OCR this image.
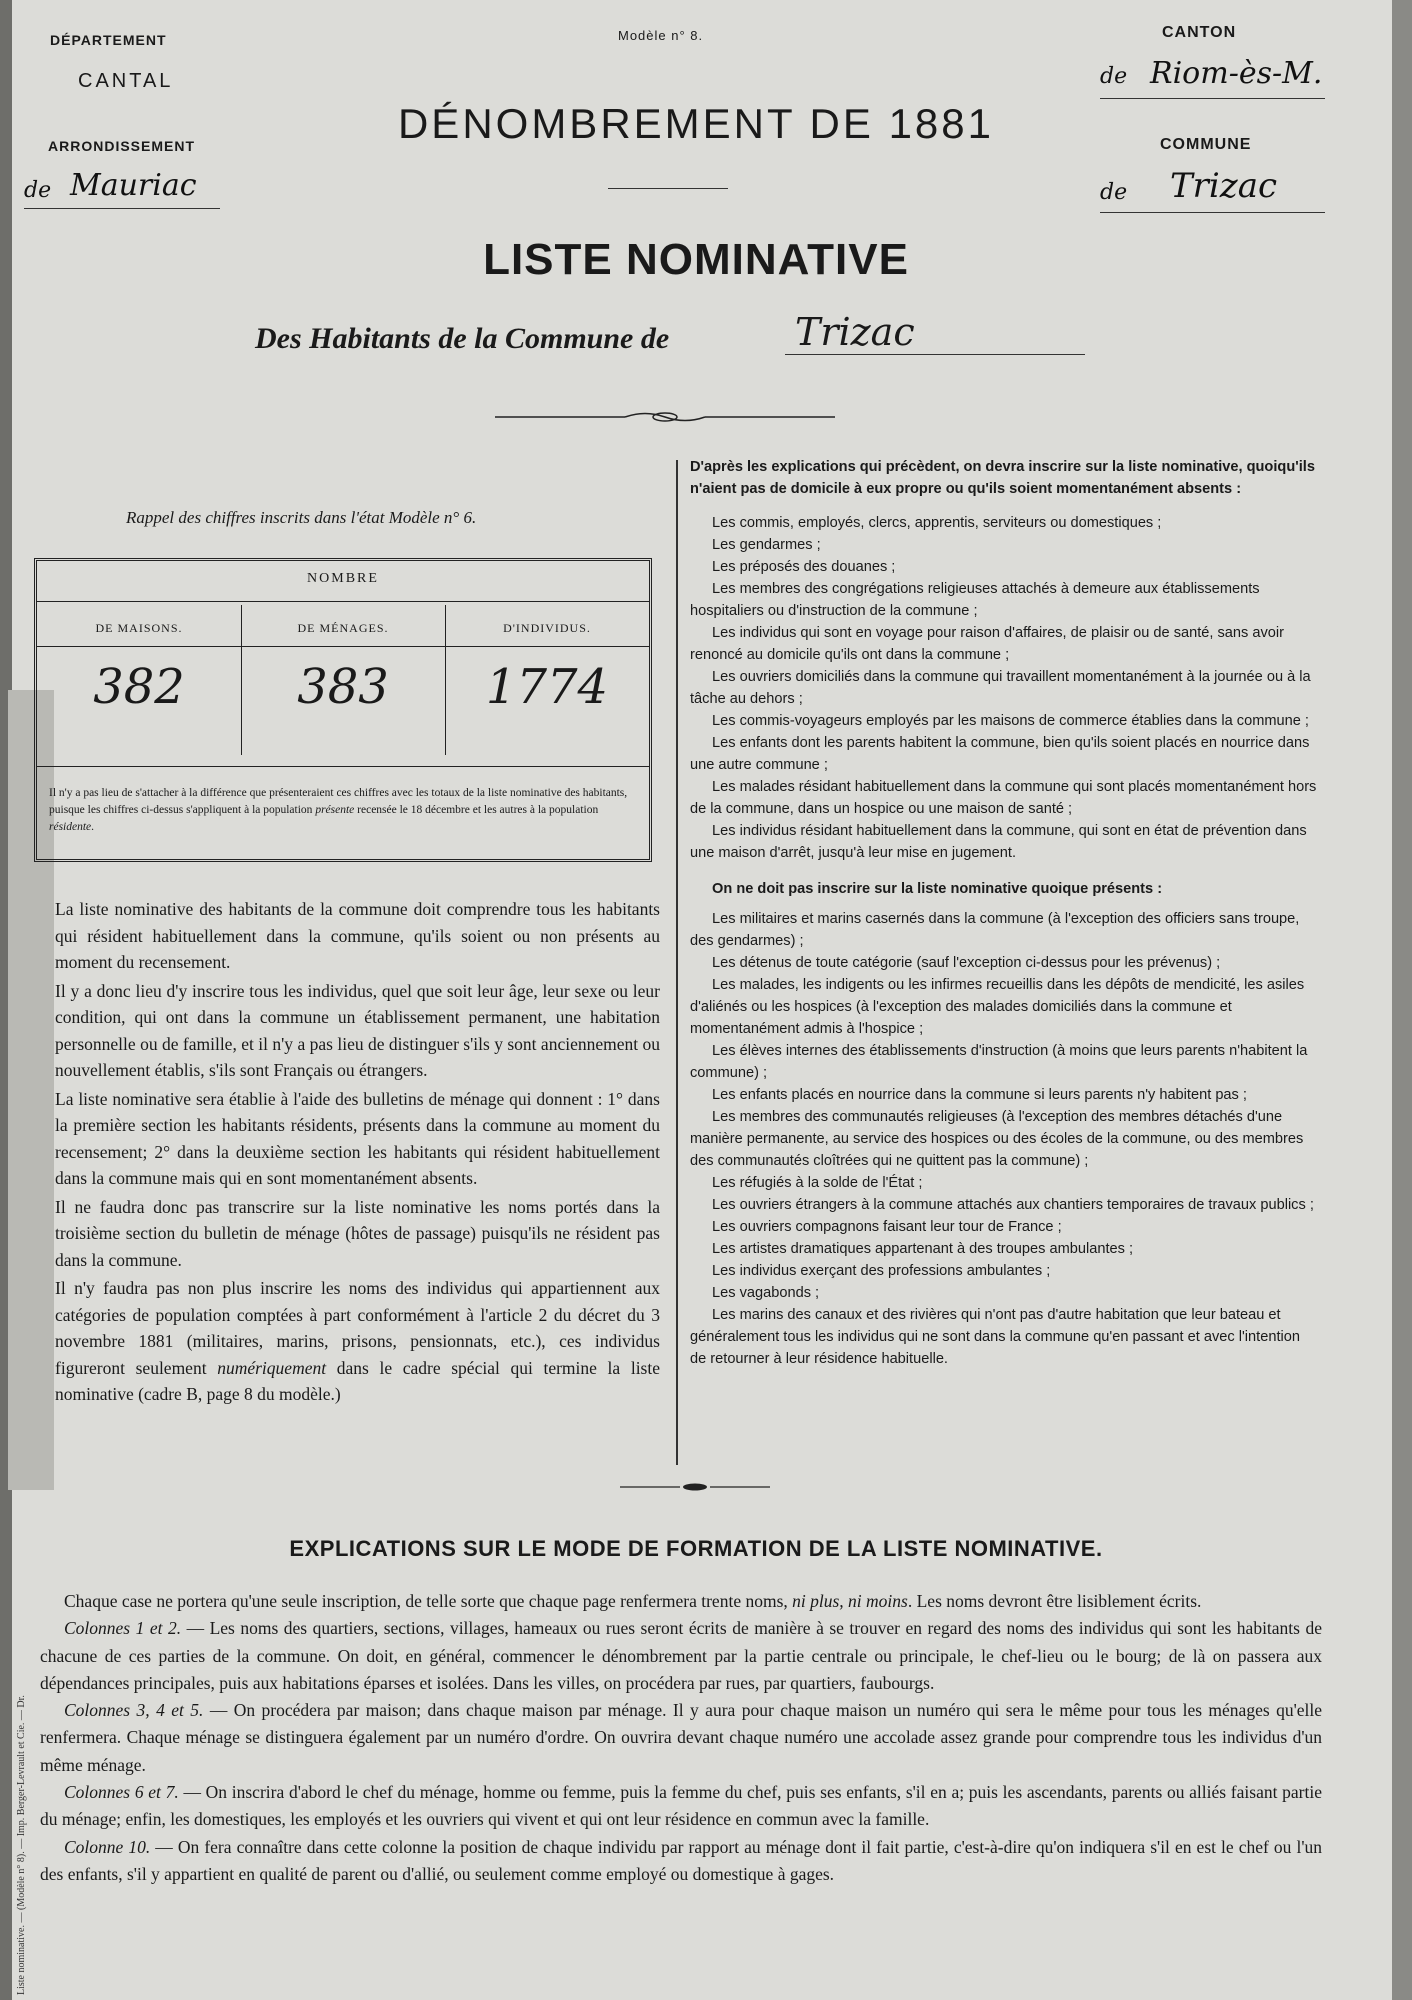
DÉPARTEMENT
CANTAL
Modèle n° 8.	CANTON
ARRONDISSEMENT	COMMUNE
de Riom-ès-M.
de Mauriac	de Trizac
DÉNOMBREMENT DE 1881
LISTE NOMINATIVE
Des Habitants de la Commune de	Trizac
Rappel des chiffres inscrits dans l'état Modèle n° 6.
NOMBRE
DE MAISONS.	DE MÉNAGES.	D'INDIVIDUS.
382	383	1774
Il n'y a pas lieu de s'attacher à la différence que présenteraient ces chiffres avec les totaux de la liste nominative des habitants, puisque les chiffres ci-dessus s'appliquent à la population présente recensée le 18 décembre et les autres à la population résidente.

La liste nominative des habitants de la commune doit comprendre tous les habitants qui résident habituellement dans la commune, qu'ils soient ou non présents au moment du recensement.

Il y a donc lieu d'y inscrire tous les individus, quel que soit leur âge, leur sexe ou leur condition, qui ont dans la commune un établissement permanent, une habitation personnelle ou de famille, et il n'y a pas lieu de distinguer s'ils y sont anciennement ou nouvellement établis, s'ils sont Français ou étrangers.

La liste nominative sera établie à l'aide des bulletins de ménage qui donnent : 1° dans la première section les habitants résidents, présents dans la commune au moment du recensement; 2° dans la deuxième section les habitants qui résident habituellement dans la commune mais qui en sont momentanément absents.

Il ne faudra donc pas transcrire sur la liste nominative les noms portés dans la troisième section du bulletin de ménage (hôtes de passage) puisqu'ils ne résident pas dans la commune.

Il n'y faudra pas non plus inscrire les noms des individus qui appartiennent aux catégories de population comptées à part conformément à l'article 2 du décret du 3 novembre 1881 (militaires, marins, prisons, pensionnats, etc.), ces individus figureront seulement numériquement dans le cadre spécial qui termine la liste nominative (cadre B, page 8 du modèle.)

D'après les explications qui précèdent, on devra inscrire sur la liste nominative, quoiqu'ils n'aient pas de domicile à eux propre ou qu'ils soient momentanément absents :

Les commis, employés, clercs, apprentis, serviteurs ou domestiques ;

Les gendarmes ;

Les préposés des douanes ;

Les membres des congrégations religieuses attachés à demeure aux établissements hospitaliers ou d'instruction de la commune ;

Les individus qui sont en voyage pour raison d'affaires, de plaisir ou de santé, sans avoir renoncé au domicile qu'ils ont dans la commune ;

Les ouvriers domiciliés dans la commune qui travaillent momentanément à la journée ou à la tâche au dehors ;

Les commis-voyageurs employés par les maisons de commerce établies dans la commune ;

Les enfants dont les parents habitent la commune, bien qu'ils soient placés en nourrice dans une autre commune ;

Les malades résidant habituellement dans la commune qui sont placés momentanément hors de la commune, dans un hospice ou une maison de santé ;

Les individus résidant habituellement dans la commune, qui sont en état de prévention dans une maison d'arrêt, jusqu'à leur mise en jugement.

On ne doit pas inscrire sur la liste nominative quoique présents :

Les militaires et marins casernés dans la commune (à l'exception des officiers sans troupe, des gendarmes) ;

Les détenus de toute catégorie (sauf l'exception ci-dessus pour les prévenus) ;

Les malades, les indigents ou les infirmes recueillis dans les dépôts de mendicité, les asiles d'aliénés ou les hospices (à l'exception des malades domiciliés dans la commune et momentanément admis à l'hospice ;

Les élèves internes des établissements d'instruction (à moins que leurs parents n'habitent la commune) ;

Les enfants placés en nourrice dans la commune si leurs parents n'y habitent pas ;

Les membres des communautés religieuses (à l'exception des membres détachés d'une manière permanente, au service des hospices ou des écoles de la commune, ou des membres des communautés cloîtrées qui ne quittent pas la commune) ;

Les réfugiés à la solde de l'État ;

Les ouvriers étrangers à la commune attachés aux chantiers temporaires de travaux publics ;

Les ouvriers compagnons faisant leur tour de France ;

Les artistes dramatiques appartenant à des troupes ambulantes ;

Les individus exerçant des professions ambulantes ;

Les vagabonds ;

Les marins des canaux et des rivières qui n'ont pas d'autre habitation que leur bateau et généralement tous les individus qui ne sont dans la commune qu'en passant et avec l'intention de retourner à leur résidence habituelle.

EXPLICATIONS SUR LE MODE DE FORMATION DE LA LISTE NOMINATIVE.

Chaque case ne portera qu'une seule inscription, de telle sorte que chaque page renfermera trente noms, ni plus, ni moins. Les noms devront être lisiblement écrits.

Colonnes 1 et 2. — Les noms des quartiers, sections, villages, hameaux ou rues seront écrits de manière à se trouver en regard des noms des individus qui sont les habitants de chacune de ces parties de la commune. On doit, en général, commencer le dénombrement par la partie centrale ou principale, le chef-lieu ou le bourg; de là on passera aux dépendances principales, puis aux habitations éparses et isolées. Dans les villes, on procédera par rues, par quartiers, faubourgs.

Colonnes 3, 4 et 5. — On procédera par maison; dans chaque maison par ménage. Il y aura pour chaque maison un numéro qui sera le même pour tous les ménages qu'elle renfermera. Chaque ménage se distinguera également par un numéro d'ordre. On ouvrira devant chaque numéro une accolade assez grande pour comprendre tous les individus d'un même ménage.

Colonnes 6 et 7. — On inscrira d'abord le chef du ménage, homme ou femme, puis la femme du chef, puis ses enfants, s'il en a; puis les ascendants, parents ou alliés faisant partie du ménage; enfin, les domestiques, les employés et les ouvriers qui vivent et qui ont leur résidence en commun avec la famille.

Colonne 10. — On fera connaître dans cette colonne la position de chaque individu par rapport au ménage dont il fait partie, c'est-à-dire qu'on indiquera s'il en est le chef ou l'un des enfants, s'il y appartient en qualité de parent ou d'allié, ou seulement comme employé ou domestique à gages.

Liste nominative. — (Modèle n° 8). — Imp. Berger-Levrault et Cie. — Dr.
